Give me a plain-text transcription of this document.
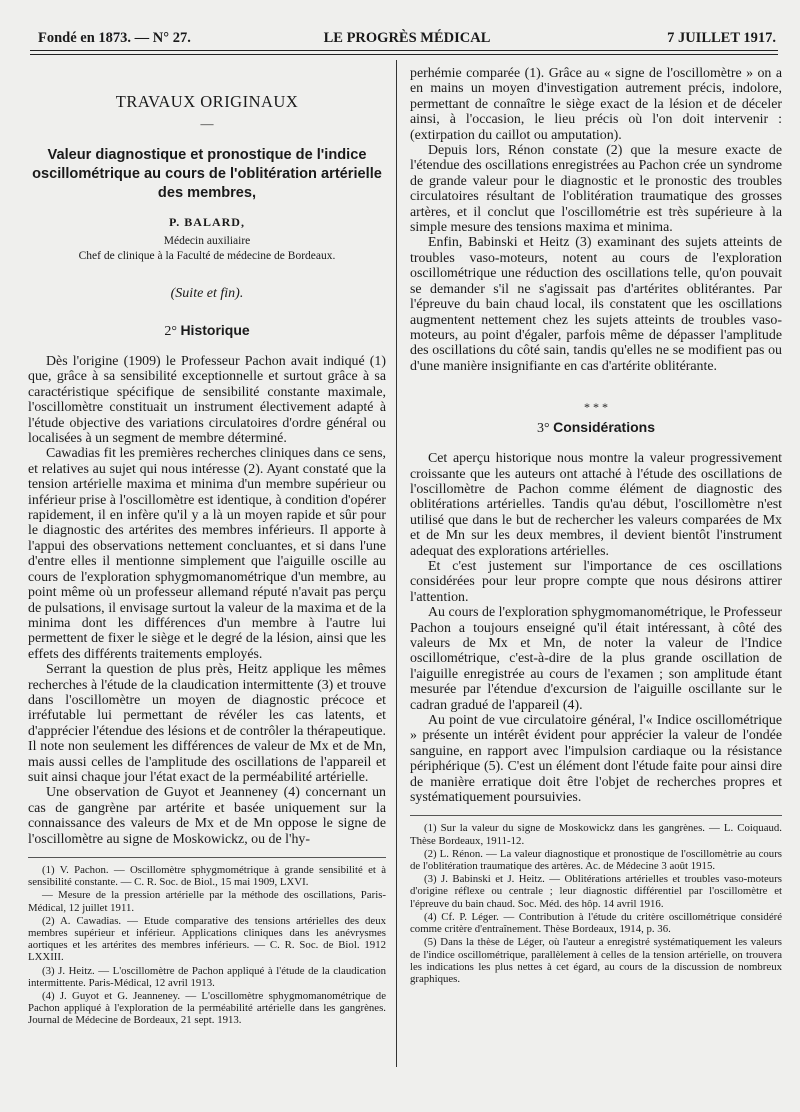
Fondé en 1873. — N° 27.	LE PROGRÈS MÉDICAL	7 JUILLET 1917.
TRAVAUX ORIGINAUX
—
Valeur diagnostique et pronostique de l'indice oscillométrique au cours de l'oblitération artérielle des membres,
P. BALARD,
Médecin auxiliaire
Chef de clinique à la Faculté de médecine de Bordeaux.
(Suite et fin).
2° Historique

Dès l'origine (1909) le Professeur Pachon avait indiqué (1) que, grâce à sa sensibilité exceptionnelle et surtout grâce à sa caractéristique spécifique de sensibilité constante maximale, l'oscillomètre constituait un instrument électivement adapté à l'étude objective des variations circulatoires d'ordre général ou localisées à un segment de membre déterminé.

Cawadias fit les premières recherches cliniques dans ce sens, et relatives au sujet qui nous intéresse (2). Ayant constaté que la tension artérielle maxima et minima d'un membre supérieur ou inférieur prise à l'oscillomètre est identique, à condition d'opérer rapidement, il en infère qu'il y a là un moyen rapide et sûr pour le diagnostic des artérites des membres inférieurs. Il apporte à l'appui des observations nettement concluantes, et si dans l'une d'entre elles il mentionne simplement que l'aiguille oscille au cours de l'exploration sphygmomanométrique d'un membre, au point même où un professeur allemand réputé n'avait pas perçu de pulsations, il envisage surtout la valeur de la maxima et de la minima dont les différences d'un membre à l'autre lui permettent de fixer le siège et le degré de la lésion, ainsi que les effets des différents traitements employés.

Serrant la question de plus près, Heitz applique les mêmes recherches à l'étude de la claudication intermittente (3) et trouve dans l'oscillomètre un moyen de diagnostic précoce et irréfutable lui permettant de révéler les cas latents, et d'apprécier l'étendue des lésions et de contrôler la thérapeutique. Il note non seulement les différences de valeur de Mx et de Mn, mais aussi celles de l'amplitude des oscillations de l'appareil et suit ainsi chaque jour l'état exact de la perméabilité artérielle.

Une observation de Guyot et Jeanneney (4) concernant un cas de gangrène par artérite et basée uniquement sur la connaissance des valeurs de Mx et de Mn oppose le signe de l'oscillomètre au signe de Moskowickz, ou de l'hy-

(1) V. Pachon. — Oscillomètre sphygmométrique à grande sensibilité et à sensibilité constante. — C. R. Soc. de Biol., 15 mai 1909, LXVI.
— Mesure de la pression artérielle par la méthode des oscillations, Paris-Médical, 12 juillet 1911.
(2) A. Cawadias. — Etude comparative des tensions artérielles des deux membres supérieur et inférieur. Applications cliniques dans les anévrysmes aortiques et les artérites des membres inférieurs. — C. R. Soc. de Biol. 1912 LXXIII.
(3) J. Heitz. — L'oscillomètre de Pachon appliqué à l'étude de la claudication intermittente. Paris-Médical, 12 avril 1913.
(4) J. Guyot et G. Jeanneney. — L'oscillomètre sphygmomanométrique de Pachon appliqué à l'exploration de la perméabilité artérielle dans les gangrènes. Journal de Médecine de Bordeaux, 21 sept. 1913.

perhémie comparée (1). Grâce au « signe de l'oscillomètre » on a en mains un moyen d'investigation autrement précis, indolore, permettant de connaître le siège exact de la lésion et de déceler ainsi, à l'occasion, le lieu précis où l'on doit intervenir : (extirpation du caillot ou amputation).

Depuis lors, Rénon constate (2) que la mesure exacte de l'étendue des oscillations enregistrées au Pachon crée un syndrome de grande valeur pour le diagnostic et le pronostic des troubles circulatoires résultant de l'oblitération traumatique des grosses artères, et il conclut que l'oscillométrie est très supérieure à la simple mesure des tensions maxima et minima.

Enfin, Babinski et Heitz (3) examinant des sujets atteints de troubles vaso-moteurs, notent au cours de l'exploration oscillométrique une réduction des oscillations telle, qu'on pouvait se demander s'il ne s'agissait pas d'artérites oblitérantes. Par l'épreuve du bain chaud local, ils constatent que les oscillations augmentent nettement chez les sujets atteints de troubles vaso-moteurs, au point d'égaler, parfois même de dépasser l'amplitude des oscillations du côté sain, tandis qu'elles ne se modifient pas ou d'une manière insignifiante en cas d'artérite oblitérante.

* * *
3° Considérations

Cet aperçu historique nous montre la valeur progressivement croissante que les auteurs ont attaché à l'étude des oscillations de l'oscillomètre de Pachon comme élément de diagnostic des oblitérations artérielles. Tandis qu'au début, l'oscillomètre n'est utilisé que dans le but de rechercher les valeurs comparées de Mx et de Mn sur les deux membres, il devient bientôt l'instrument adequat des explorations artérielles.

Et c'est justement sur l'importance de ces oscillations considérées pour leur propre compte que nous désirons attirer l'attention.

Au cours de l'exploration sphygmomanométrique, le Professeur Pachon a toujours enseigné qu'il était intéressant, à côté des valeurs de Mx et Mn, de noter la valeur de l'Indice oscillométrique, c'est-à-dire de la plus grande oscillation de l'aiguille enregistrée au cours de l'examen ; son amplitude étant mesurée par l'étendue d'excursion de l'aiguille oscillante sur le cadran gradué de l'appareil (4).

Au point de vue circulatoire général, l'« Indice oscillométrique » présente un intérêt évident pour apprécier la valeur de l'ondée sanguine, en rapport avec l'impulsion cardiaque ou la résistance périphérique (5). C'est un élément dont l'étude faite pour ainsi dire de manière erratique doit être l'objet de recherches propres et systématiquement poursuivies.

(1) Sur la valeur du signe de Moskowickz dans les gangrènes. — L. Coiquaud. Thèse Bordeaux, 1911-12.
(2) L. Rénon. — La valeur diagnostique et pronostique de l'oscillomètrie au cours de l'oblitération traumatique des artères. Ac. de Médecine 3 août 1915.
(3) J. Babinski et J. Heitz. — Oblitérations artérielles et troubles vaso-moteurs d'origine réflexe ou centrale ; leur diagnostic différentiel par l'oscillomètre et l'épreuve du bain chaud. Soc. Méd. des hôp. 14 avril 1916.
(4) Cf. P. Léger. — Contribution à l'étude du critère oscillométrique considéré comme critère d'entraînement. Thèse Bordeaux, 1914, p. 36.
(5) Dans la thèse de Léger, où l'auteur a enregistré systématiquement les valeurs de l'indice oscillométrique, parallèlement à celles de la tension artérielle, on trouvera les indications les plus nettes à cet égard, au cours de la discussion de nombreux graphiques.
